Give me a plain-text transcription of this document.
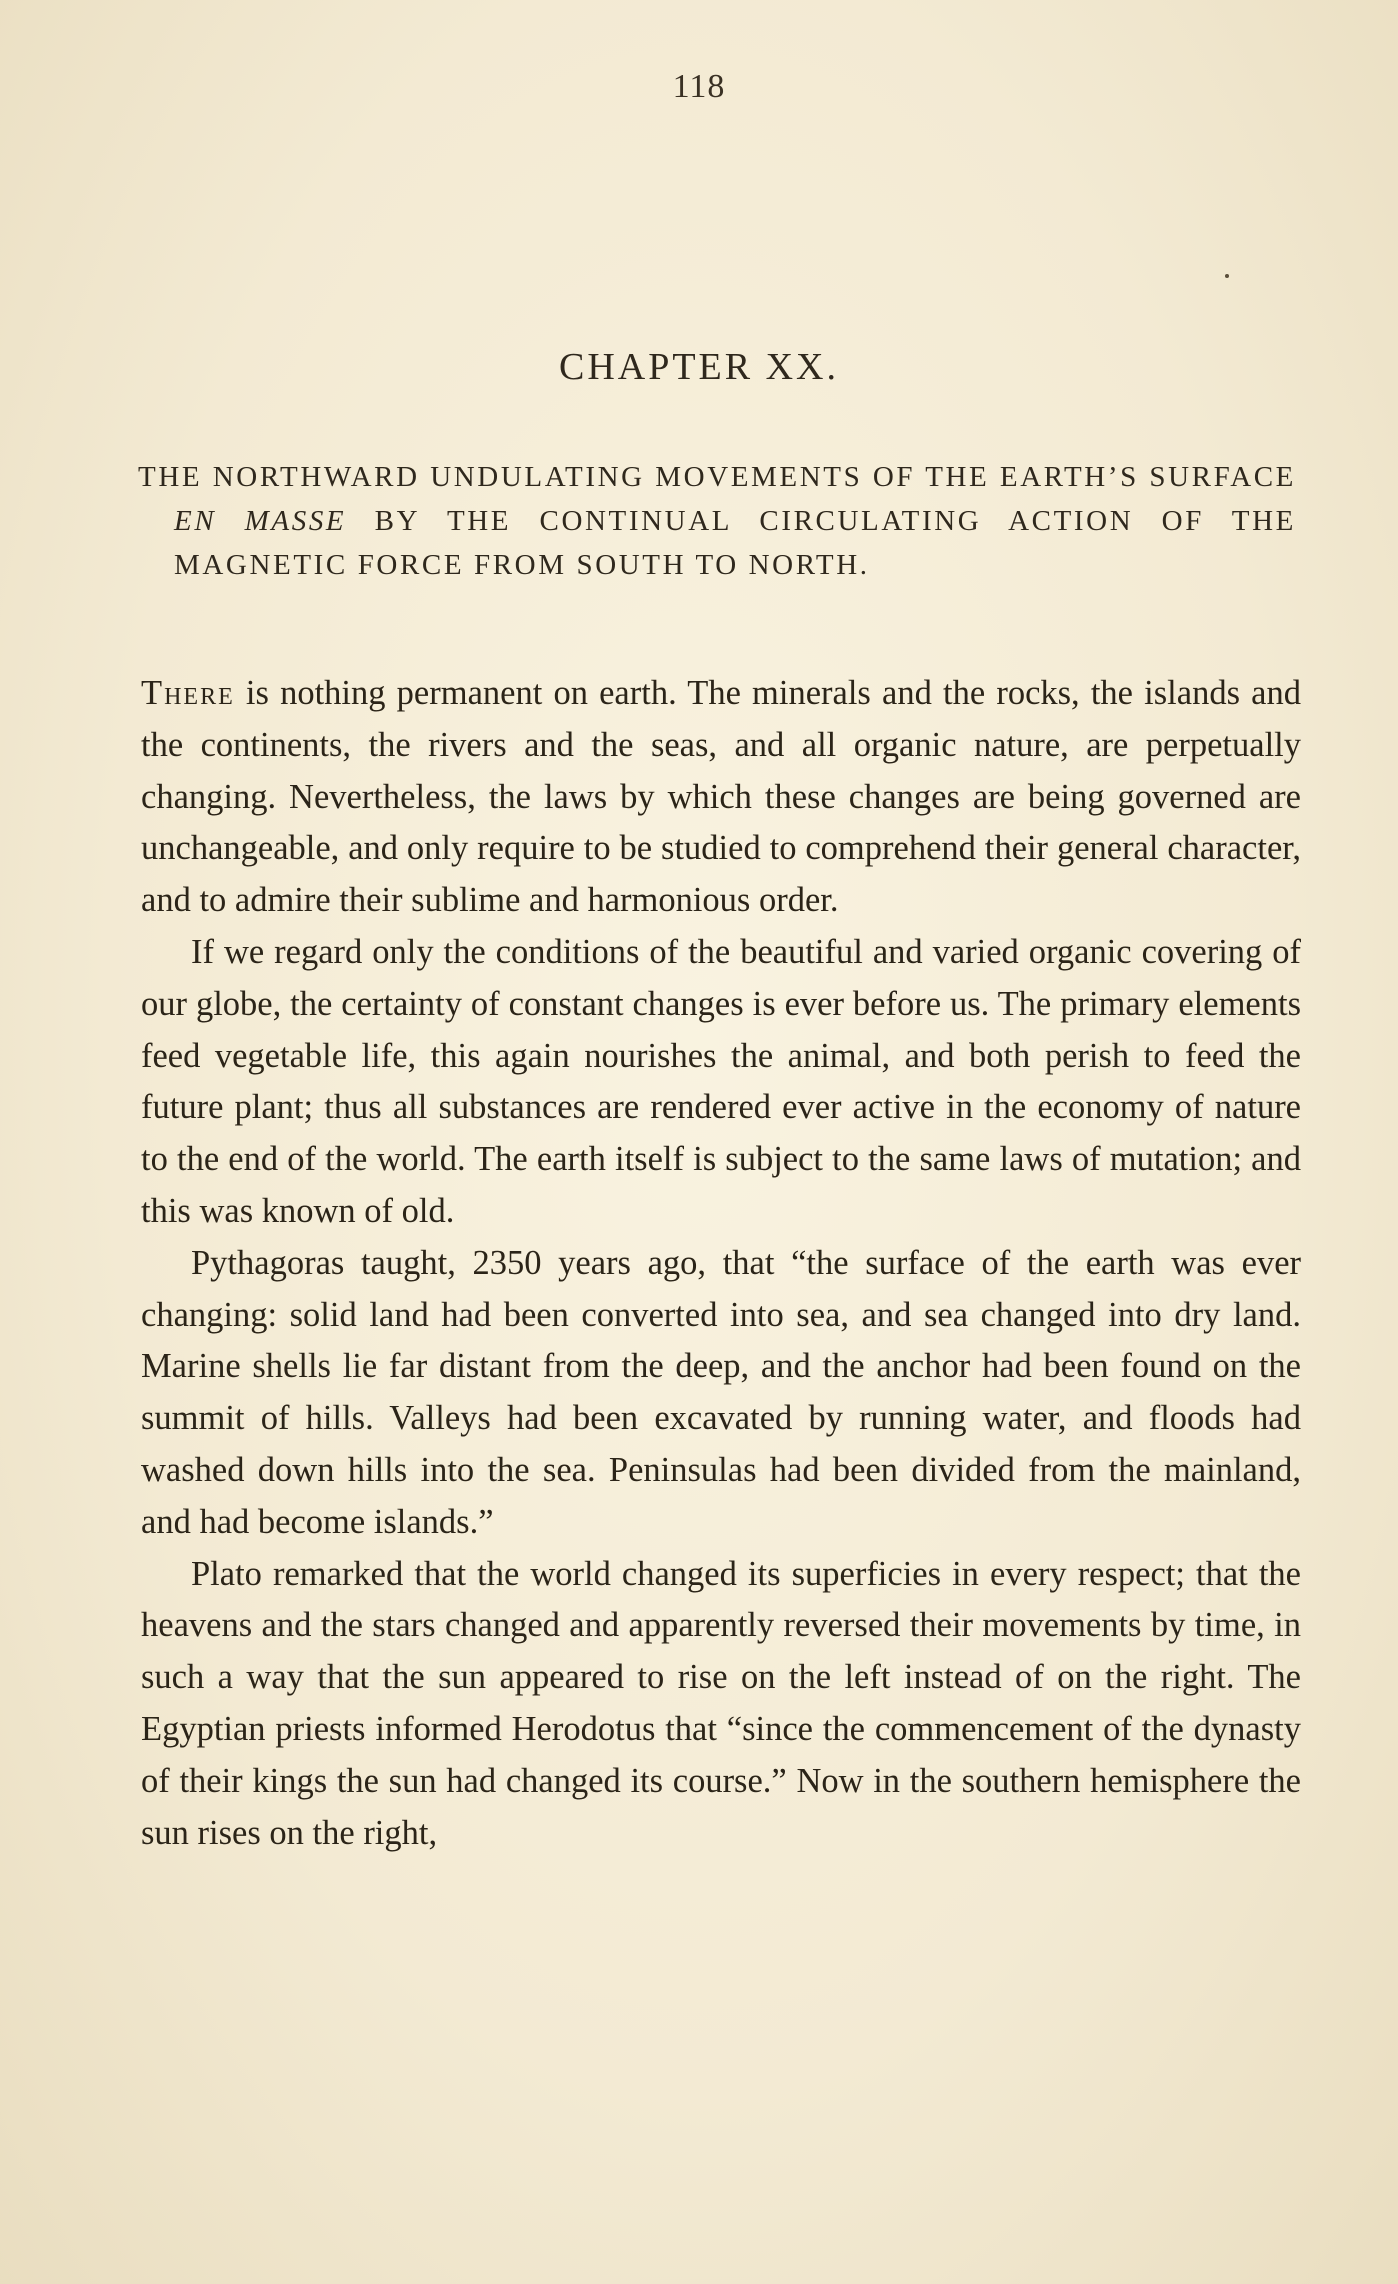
118
CHAPTER XX.
THE NORTHWARD UNDULATING MOVEMENTS OF THE EARTH’S SURFACE EN MASSE BY THE CONTINUAL CIRCULATING ACTION OF THE MAGNETIC FORCE FROM SOUTH TO NORTH.

There is nothing permanent on earth. The minerals and the rocks, the islands and the continents, the rivers and the seas, and all organic nature, are perpetually changing. Nevertheless, the laws by which these changes are being governed are unchangeable, and only require to be studied to comprehend their general character, and to admire their sublime and harmonious order.

If we regard only the conditions of the beautiful and varied organic covering of our globe, the certainty of constant changes is ever before us. The primary elements feed vegetable life, this again nourishes the animal, and both perish to feed the future plant; thus all substances are rendered ever active in the economy of nature to the end of the world. The earth itself is subject to the same laws of mutation; and this was known of old.

Pythagoras taught, 2350 years ago, that “the surface of the earth was ever changing: solid land had been converted into sea, and sea changed into dry land. Marine shells lie far distant from the deep, and the anchor had been found on the summit of hills. Valleys had been excavated by running water, and floods had washed down hills into the sea. Peninsulas had been divided from the mainland, and had become islands.”

Plato remarked that the world changed its superficies in every respect; that the heavens and the stars changed and apparently reversed their movements by time, in such a way that the sun appeared to rise on the left instead of on the right. The Egyptian priests informed Herodotus that “since the commencement of the dynasty of their kings the sun had changed its course.” Now in the southern hemisphere the sun rises on the right,
